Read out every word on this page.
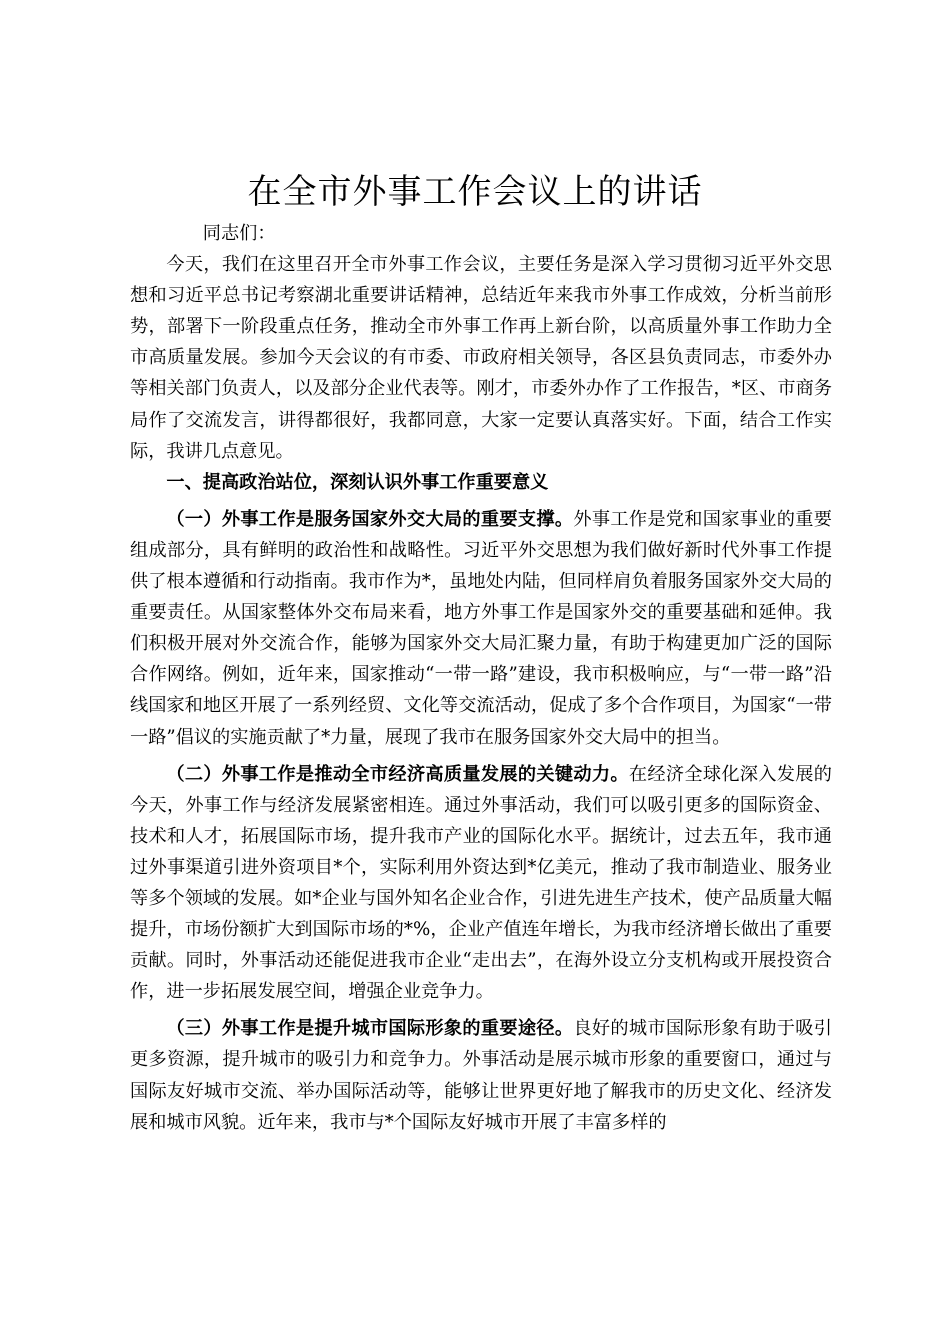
在全市外事工作会议上的讲话

同志们：

今天，我们在这里召开全市外事工作会议，主要任务是深入学习贯彻习近平外交思想和习近平总书记考察湖北重要讲话精神，总结近年来我市外事工作成效，分析当前形势，部署下一阶段重点任务，推动全市外事工作再上新台阶，以高质量外事工作助力全市高质量发展。参加今天会议的有市委、市政府相关领导，各区县负责同志，市委外办等相关部门负责人，以及部分企业代表等。刚才，市委外办作了工作报告，*区、市商务局作了交流发言，讲得都很好，我都同意，大家一定要认真落实好。下面，结合工作实际，我讲几点意见。

一、提高政治站位，深刻认识外事工作重要意义

（一）外事工作是服务国家外交大局的重要支撑。外事工作是党和国家事业的重要组成部分，具有鲜明的政治性和战略性。习近平外交思想为我们做好新时代外事工作提供了根本遵循和行动指南。我市作为*，虽地处内陆，但同样肩负着服务国家外交大局的重要责任。从国家整体外交布局来看，地方外事工作是国家外交的重要基础和延伸。我们积极开展对外交流合作，能够为国家外交大局汇聚力量，有助于构建更加广泛的国际合作网络。例如，近年来，国家推动“一带一路”建设，我市积极响应，与“一带一路”沿线国家和地区开展了一系列经贸、文化等交流活动，促成了多个合作项目，为国家“一带一路”倡议的实施贡献了*力量，展现了我市在服务国家外交大局中的担当。

（二）外事工作是推动全市经济高质量发展的关键动力。在经济全球化深入发展的今天，外事工作与经济发展紧密相连。通过外事活动，我们可以吸引更多的国际资金、技术和人才，拓展国际市场，提升我市产业的国际化水平。据统计，过去五年，我市通过外事渠道引进外资项目*个，实际利用外资达到*亿美元，推动了我市制造业、服务业等多个领域的发展。如*企业与国外知名企业合作，引进先进生产技术，使产品质量大幅提升，市场份额扩大到国际市场的*%，企业产值连年增长，为我市经济增长做出了重要贡献。同时，外事活动还能促进我市企业“走出去”，在海外设立分支机构或开展投资合作，进一步拓展发展空间，增强企业竞争力。

（三）外事工作是提升城市国际形象的重要途径。良好的城市国际形象有助于吸引更多资源，提升城市的吸引力和竞争力。外事活动是展示城市形象的重要窗口，通过与国际友好城市交流、举办国际活动等，能够让世界更好地了解我市的历史文化、经济发展和城市风貌。近年来，我市与*个国际友好城市开展了丰富多样的
